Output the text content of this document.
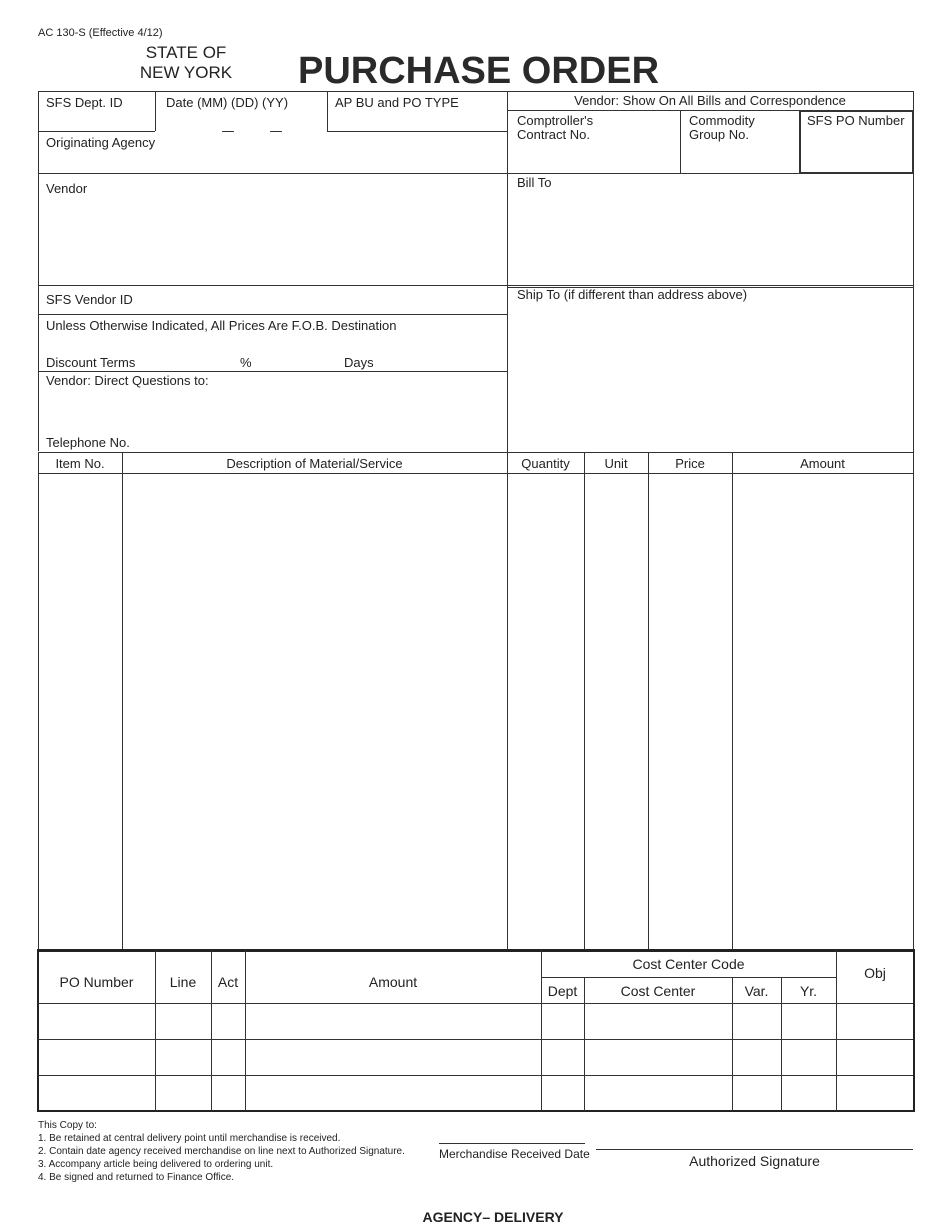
AC 130-S (Effective 4/12)
STATE OF
NEW YORK PURCHASE ORDER
SFS Dept. ID	Date (MM) (DD) (YY)	AP BU and PO TYPE
Originating Agency
Vendor
SFS Vendor ID
Unless Otherwise Indicated, All Prices Are F.O.B. Destination
Discount Terms	%	Days
Vendor: Direct Questions to:
Telephone No.
Vendor: Show On All Bills and Correspondence
Comptroller's
Contract No.
Commodity
Group No.
SFS PO Number
Bill To
Ship To (if different than address above)
Item No.	Description of Material/Service	Quantity	Unit	Price	Amount
PO Number	Line	Act	Amount
Cost Center Code
Dept	Cost Center	Var.	Yr.
Obj
This Copy to:
1. Be retained at central delivery point until merchandise is received.
2. Contain date agency received merchandise on line next to Authorized Signature.
3. Accompany article being delivered to ordering unit.
4. Be signed and returned to Finance Office.
Merchandise Received Date	Authorized Signature
AGENCY– DELIVERY
